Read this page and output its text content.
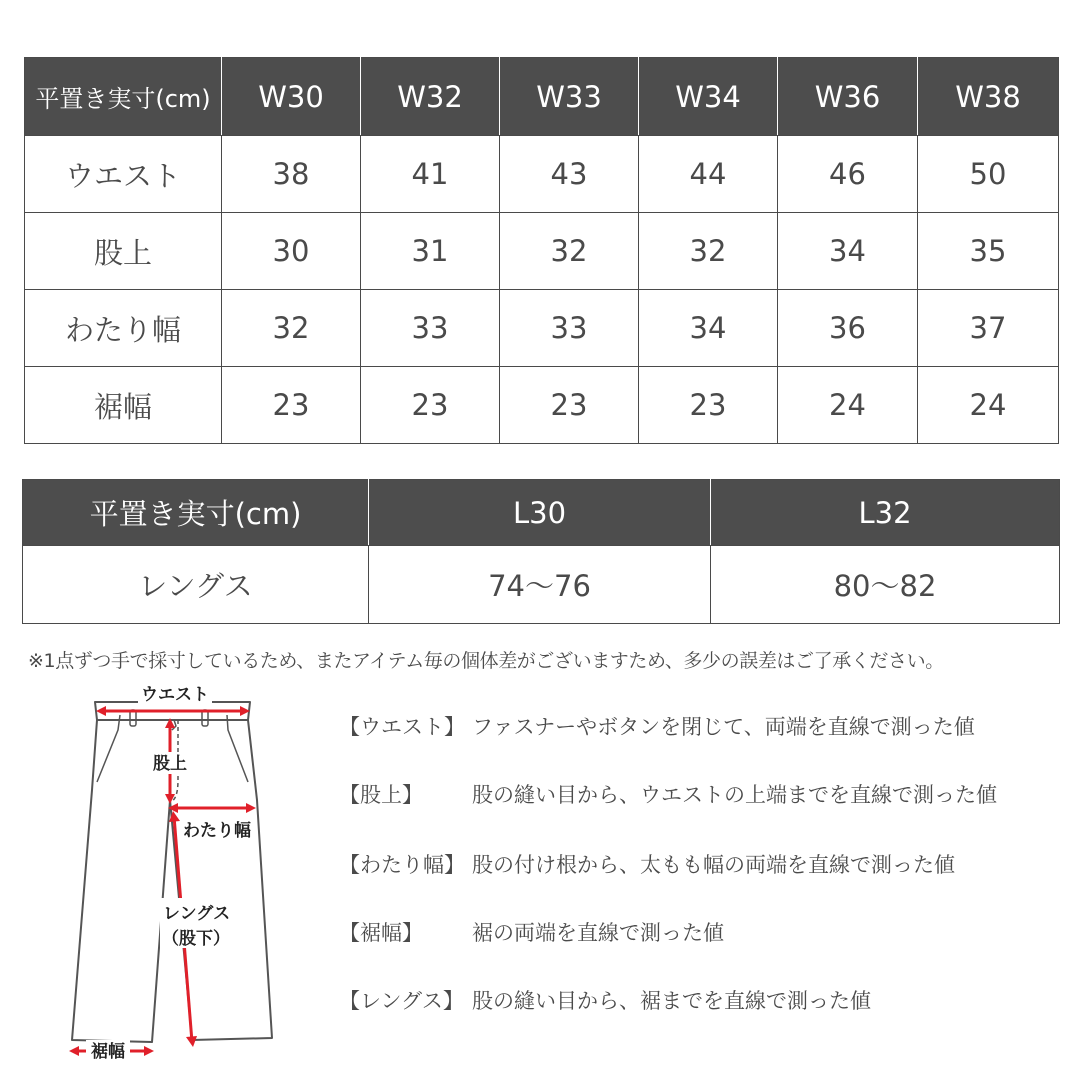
平置き実寸(cm)	W30	W32	W33	W34	W36	W38
ウエスト	38	41	43	44	46	50
股上	30	31	32	32	34	35
わたり幅	32	33	33	34	36	37
裾幅	23	23	23	23	24	24
平置き実寸(cm)	L30	L32
レングス	74～76	80～82
※1点ずつ手で採寸しているため、またアイテム毎の個体差がございますため、多少の誤差はご了承ください。
ウエスト
股上
わたり幅
レングス
（股下）
裾幅
【ウエスト】 ファスナーやボタンを閉じて、両端を直線で測った値
【股上】 股の縫い目から、ウエストの上端までを直線で測った値
【わたり幅】 股の付け根から、太もも幅の両端を直線で測った値
【裾幅】 裾の両端を直線で測った値
【レングス】 股の縫い目から、裾までを直線で測った値
